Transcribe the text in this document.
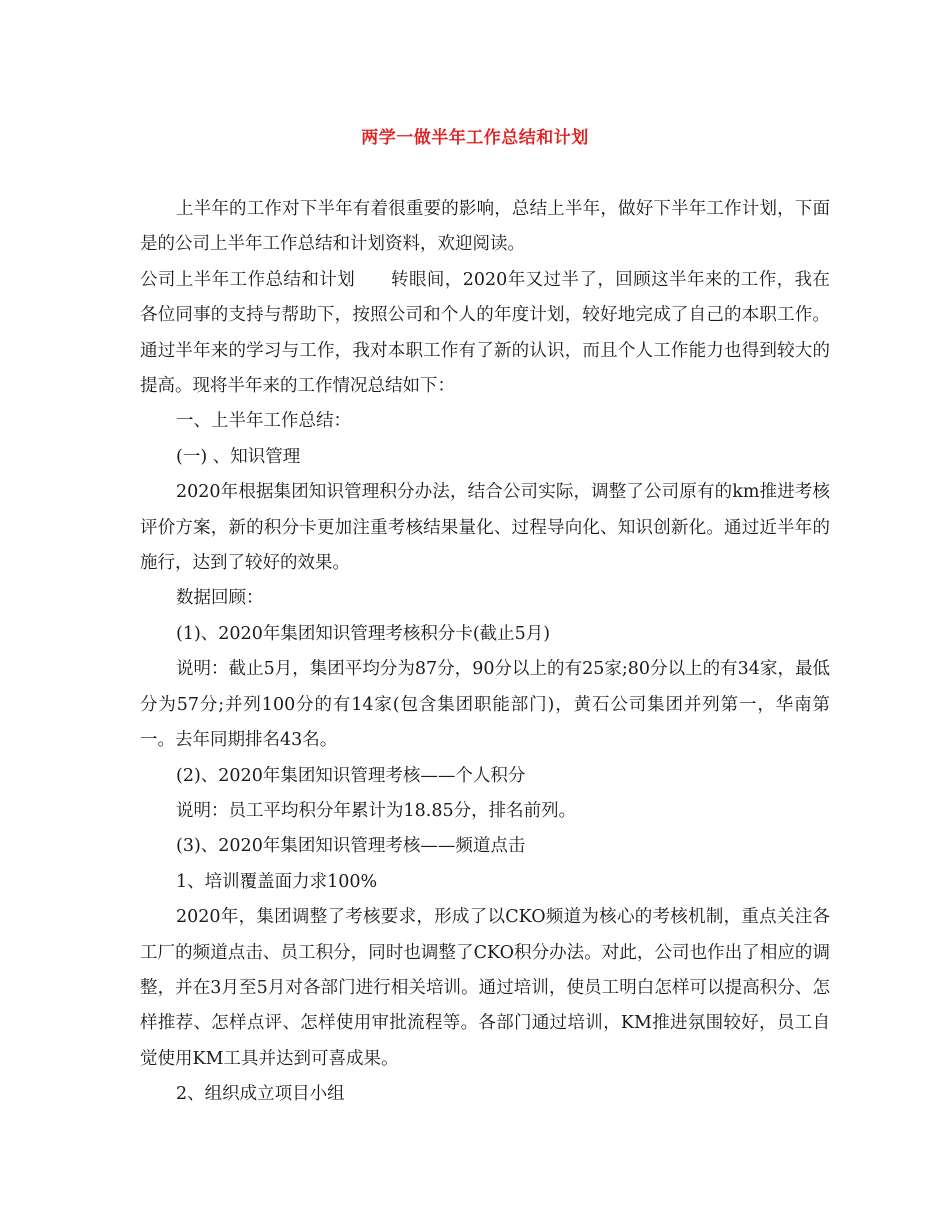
两学一做半年工作总结和计划

上半年的工作对下半年有着很重要的影响，总结上半年，做好下半年工作计划，下面是的公司上半年工作总结和计划资料，欢迎阅读。

公司上半年工作总结和计划　　转眼间，2020年又过半了，回顾这半年来的工作，我在各位同事的支持与帮助下，按照公司和个人的年度计划，较好地完成了自己的本职工作。通过半年来的学习与工作，我对本职工作有了新的认识，而且个人工作能力也得到较大的提高。现将半年来的工作情况总结如下：

一、上半年工作总结：

(一) 、知识管理

2020年根据集团知识管理积分办法，结合公司实际，调整了公司原有的km推进考核评价方案，新的积分卡更加注重考核结果量化、过程导向化、知识创新化。通过近半年的施行，达到了较好的效果。

数据回顾：

(1)、2020年集团知识管理考核积分卡(截止5月)

说明：截止5月，集团平均分为87分，90分以上的有25家;80分以上的有34家，最低分为57分;并列100分的有14家(包含集团职能部门)，黄石公司集团并列第一，华南第一。去年同期排名43名。

(2)、2020年集团知识管理考核——个人积分

说明：员工平均积分年累计为18.85分，排名前列。

(3)、2020年集团知识管理考核——频道点击

1、培训覆盖面力求100%

2020年，集团调整了考核要求，形成了以CKO频道为核心的考核机制，重点关注各工厂的频道点击、员工积分，同时也调整了CKO积分办法。对此，公司也作出了相应的调整，并在3月至5月对各部门进行相关培训。通过培训，使员工明白怎样可以提高积分、怎样推荐、怎样点评、怎样使用审批流程等。各部门通过培训，KM推进氛围较好，员工自觉使用KM工具并达到可喜成果。

2、组织成立项目小组
